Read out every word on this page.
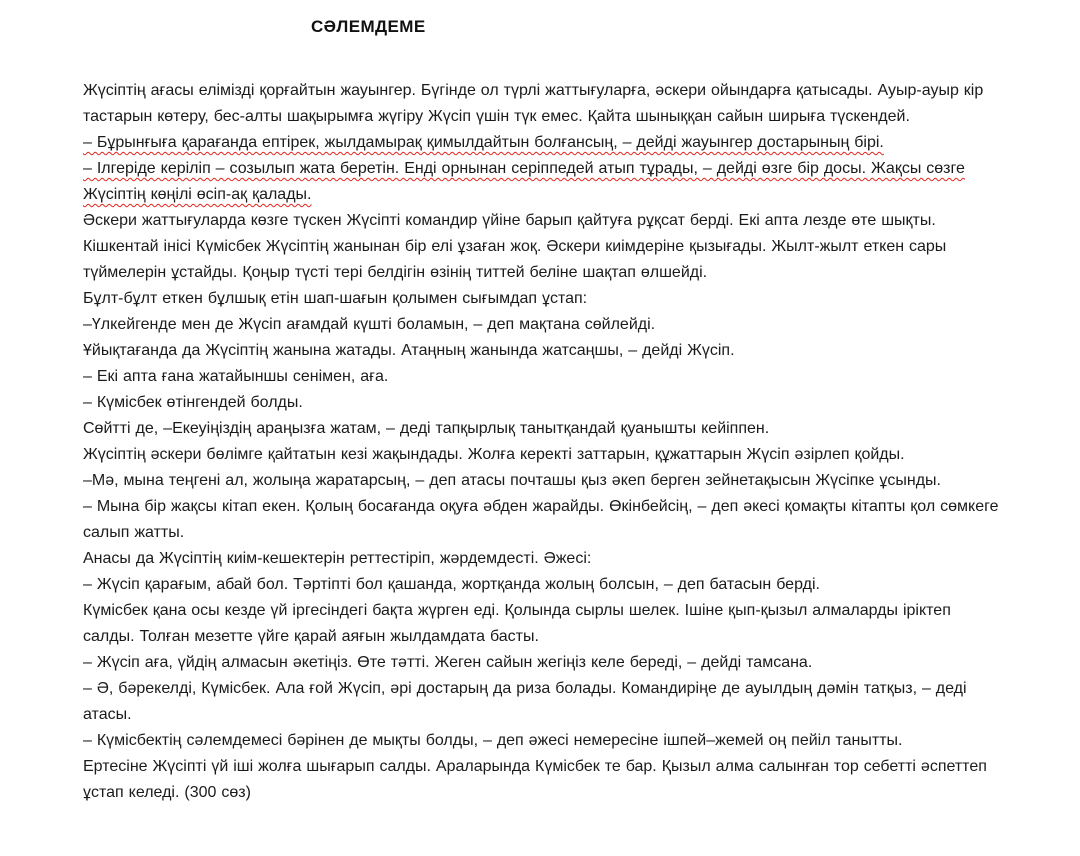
СӘЛЕМДЕМЕ

Жүсіптің ағасы елімізді қорғайтын жауынгер. Бүгінде ол түрлі жаттығуларға, әскери ойындарға қатысады. Ауыр-ауыр кір тастарын көтеру, бес-алты шақырымға жүгіру Жүсіп үшін түк емес. Қайта шыныққан сайын ширыға түскендей.

– Бұрынғыға қарағанда ептірек, жылдамырақ қимылдайтын болғансың, – дейді жауынгер достарының бірі.

– Ілгеріде керіліп – созылып жата беретін. Енді орнынан серіппедей атып тұрады, – дейді өзге бір досы. Жақсы сөзге Жүсіптің көңілі өсіп-ақ қалады.

Әскери жаттығуларда көзге түскен Жүсіпті командир үйіне барып қайтуға рұқсат берді. Екі апта лезде өте шықты. Кішкентай інісі Күмісбек Жүсіптің жанынан бір елі ұзаған жоқ. Әскери киімдеріне қызығады. Жылт-жылт еткен сары түймелерін ұстайды. Қоңыр түсті тері белдігін өзінің титтей беліне шақтап өлшейді.

Бұлт-бұлт еткен бұлшық етін шап-шағын қолымен сығымдап ұстап:

–Үлкейгенде мен де Жүсіп ағамдай күшті боламын, – деп мақтана сөйлейді.

Ұйықтағанда да Жүсіптің жанына жатады. Атаңның жанында жатсаңшы, – дейді Жүсіп.

– Екі апта ғана жатайыншы сенімен, аға.

– Күмісбек өтінгендей болды.

Сөйтті де, –Екеуіңіздің араңызға жатам, – деді тапқырлық танытқандай қуанышты кейіппен.

Жүсіптің әскери бөлімге қайтатын кезі жақындады. Жолға керекті заттарын, құжаттарын Жүсіп әзірлеп қойды.

–Мә, мына теңгені ал, жолыңа жаратарсың, – деп атасы почташы қыз әкеп берген зейнетақысын Жүсіпке ұсынды.

– Мына бір жақсы кітап екен. Қолың босағанда оқуға әбден жарайды. Өкінбейсің, – деп әкесі қомақты кітапты қол сөмкеге салып жатты.

Анасы да Жүсіптің киім-кешектерін реттестіріп, жәрдемдесті. Әжесі:

– Жүсіп қарағым, абай бол. Тәртіпті бол қашанда, жортқанда жолың болсын, – деп батасын берді.

Күмісбек қана осы кезде үй іргесіндегі бақта жүрген еді. Қолында сырлы шелек. Ішіне қып-қызыл алмаларды іріктеп салды. Толған мезетте үйге қарай аяғын жылдамдата басты.

– Жүсіп аға, үйдің алмасын әкетіңіз. Өте тәтті. Жеген сайын жегіңіз келе береді, – дейді тамсана.

– Ә, бәрекелді, Күмісбек. Ала ғой Жүсіп, әрі достарың да риза болады. Командиріңе де ауылдың дәмін татқыз, – деді атасы.

– Күмісбектің сәлемдемесі бәрінен де мықты болды, – деп әжесі немересіне ішпей–жемей оң пейіл танытты.

Ертесіне Жүсіпті үй іші жолға шығарып салды. Араларында Күмісбек те бар. Қызыл алма салынған тор себетті әспеттеп ұстап келеді. (300 сөз)
